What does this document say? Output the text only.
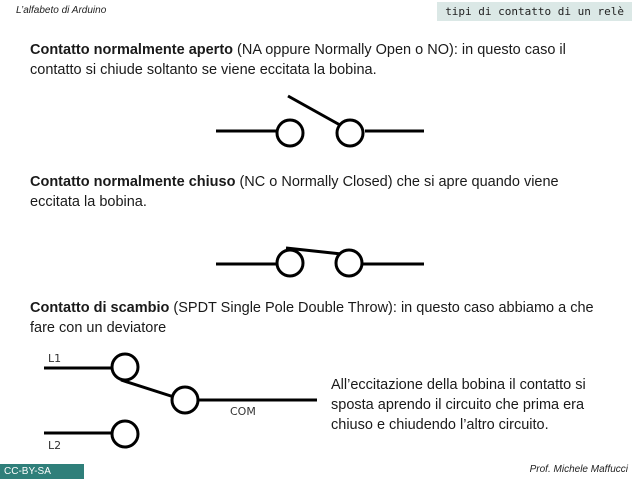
L’alfabeto di Arduino	tipi di contatto di un relè
Contatto normalmente aperto (NA oppure Normally Open o NO): in questo caso il contatto si chiude soltanto se viene eccitata la bobina.
Contatto normalmente chiuso (NC o Normally Closed) che si apre quando viene eccitata la bobina.
Contatto di scambio (SPDT Single Pole Double Throw): in questo caso abbiamo a che fare con un deviatore
L1
L2
COM
All’eccitazione della bobina il contatto si sposta aprendo il circuito che prima era chiuso e chiudendo l’altro circuito.
CC-BY-SA	Prof. Michele Maffucci
